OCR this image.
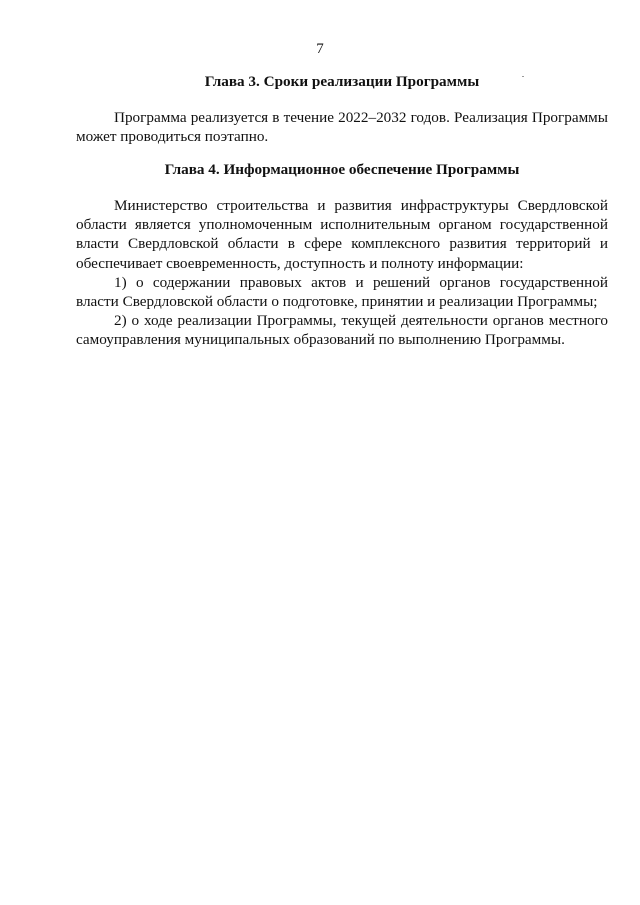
7
Глава 3. Сроки реализации Программы

Программа реализуется в течение 2022–2032 годов. Реализация Программы может проводиться поэтапно.

Глава 4. Информационное обеспечение Программы

Министерство строительства и развития инфраструктуры Свердловской области является уполномоченным исполнительным органом государственной власти Свердловской области в сфере комплексного развития территорий и обеспечивает своевременность, доступность и полноту информации:

1) о содержании правовых актов и решений органов государственной власти Свердловской области о подготовке, принятии и реализации Программы;

2) о ходе реализации Программы, текущей деятельности органов местного самоуправления муниципальных образований по выполнению Программы.
